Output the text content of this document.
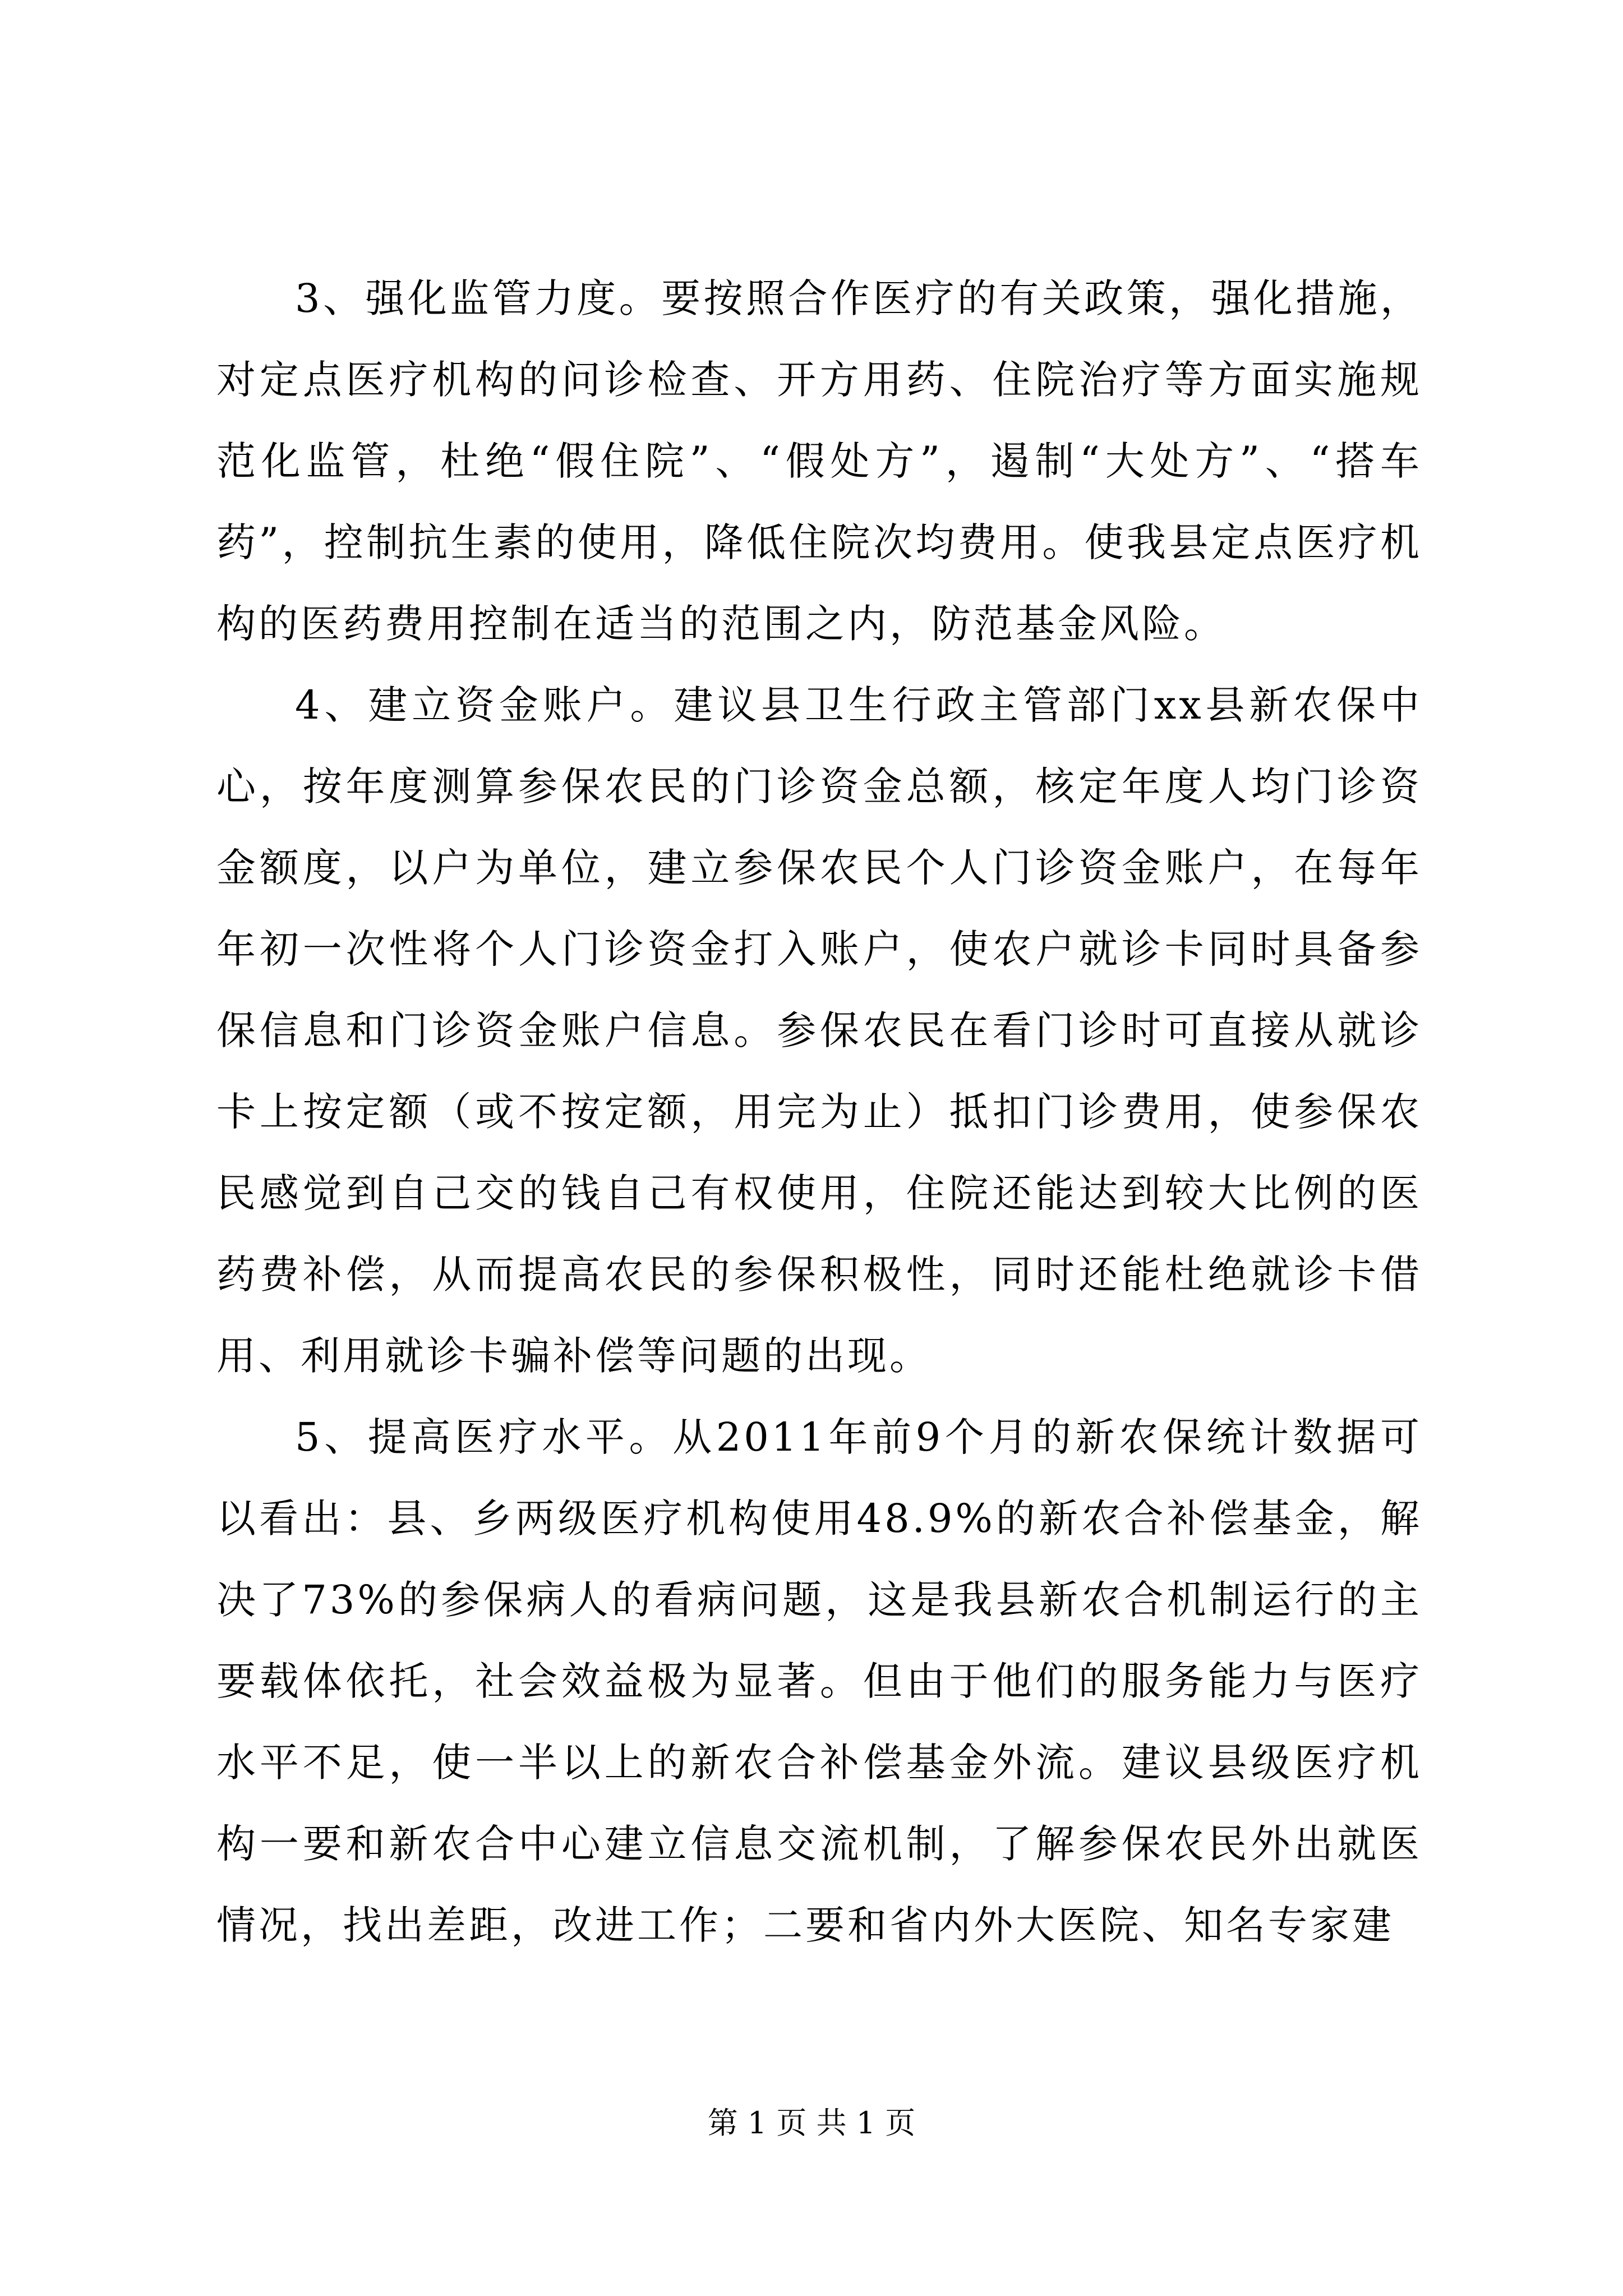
3、强化监管力度。要按照合作医疗的有关政策，强化措施，对定点医疗机构的问诊检查、开方用药、住院治疗等方面实施规范化监管，杜绝“假住院”、“假处方”，遏制“大处方”、“搭车药”，控制抗生素的使用，降低住院次均费用。使我县定点医疗机构的医药费用控制在适当的范围之内，防范基金风险。

4、建立资金账户。建议县卫生行政主管部门xx县新农保中心，按年度测算参保农民的门诊资金总额，核定年度人均门诊资金额度，以户为单位，建立参保农民个人门诊资金账户，在每年年初一次性将个人门诊资金打入账户，使农户就诊卡同时具备参保信息和门诊资金账户信息。参保农民在看门诊时可直接从就诊卡上按定额（或不按定额，用完为止）抵扣门诊费用，使参保农民感觉到自己交的钱自己有权使用，住院还能达到较大比例的医药费补偿，从而提高农民的参保积极性，同时还能杜绝就诊卡借用、利用就诊卡骗补偿等问题的出现。

5、提高医疗水平。从2011年前9个月的新农保统计数据可以看出：县、乡两级医疗机构使用48.9%的新农合补偿基金，解决了73%的参保病人的看病问题，这是我县新农合机制运行的主要载体依托，社会效益极为显著。但由于他们的服务能力与医疗水平不足，使一半以上的新农合补偿基金外流。建议县级医疗机构一要和新农合中心建立信息交流机制，了解参保农民外出就医情况，找出差距，改进工作；二要和省内外大医院、知名专家建

第 1 页 共 1 页
